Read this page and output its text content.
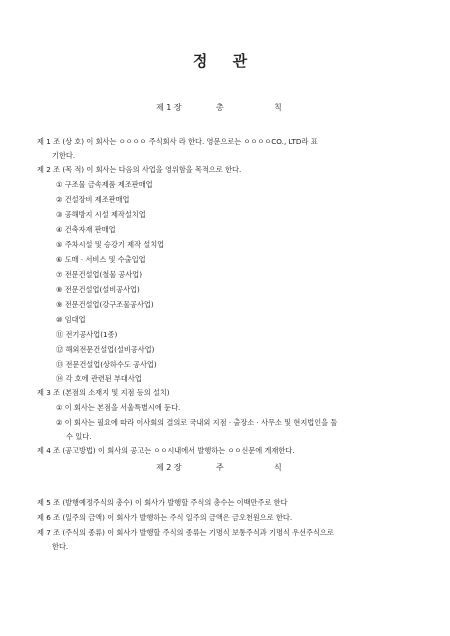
정 관
제 1 장	총	칙
제 1 조 (상 호) 이 회사는 ㅇㅇㅇㅇ 주식회사 라 한다. 영문으로는 ㅇㅇㅇㅇCO., LTD라 표
기한다.
제 2 조 (목 적) 이 회사는 다음의 사업을 영위함을 목적으로 한다.
① 구조물 금속제품 제조판매업
② 건설장비 제조판매업
③ 공해방지 시설 제작설치업
④ 건축자재 판매업
⑤ 주차시설 및 승강기 제작 설치업
⑥ 도매 · 서비스 및 수출입업
⑦ 전문건설업(철물 공사업)
⑧ 전문건설업(설비공사업)
⑨ 전문건설업(강구조물공사업)
⑩ 임대업
⑪ 전기공사업(1종)
⑫ 해외전문건설업(설비공사업)
⑬ 전문건설업(상하수도 공사업)
⑭ 각 호에 관련된 부대사업
제 3 조 (본점의 소재지 및 지점 등의 설치)
① 이 회사는 본점을 서울특별시에 둔다.
② 이 회사는 필요에 따라 이사회의 결의로 국내외 지점 · 출장소 · 사무소 및 현지법인을 둘
수 있다.
제 4 조 (공고방법) 이 회사의 공고는 ㅇㅇ시내에서 발행하는 ㅇㅇ신문에 게재한다.
제 2 장	주	식
제 5 조 (발행예정주식의 총수) 이 회사가 발행할 주식의 총수는 이백만주로 한다
제 6 조 (일주의 금액) 이 회사가 발행하는 주식 일주의 금액은 금오천원으로 한다.
제 7 조 (주식의 종류) 이 회사가 발행할 주식의 종류는 기명식 보통주식과 기명식 우선주식으로
한다.
